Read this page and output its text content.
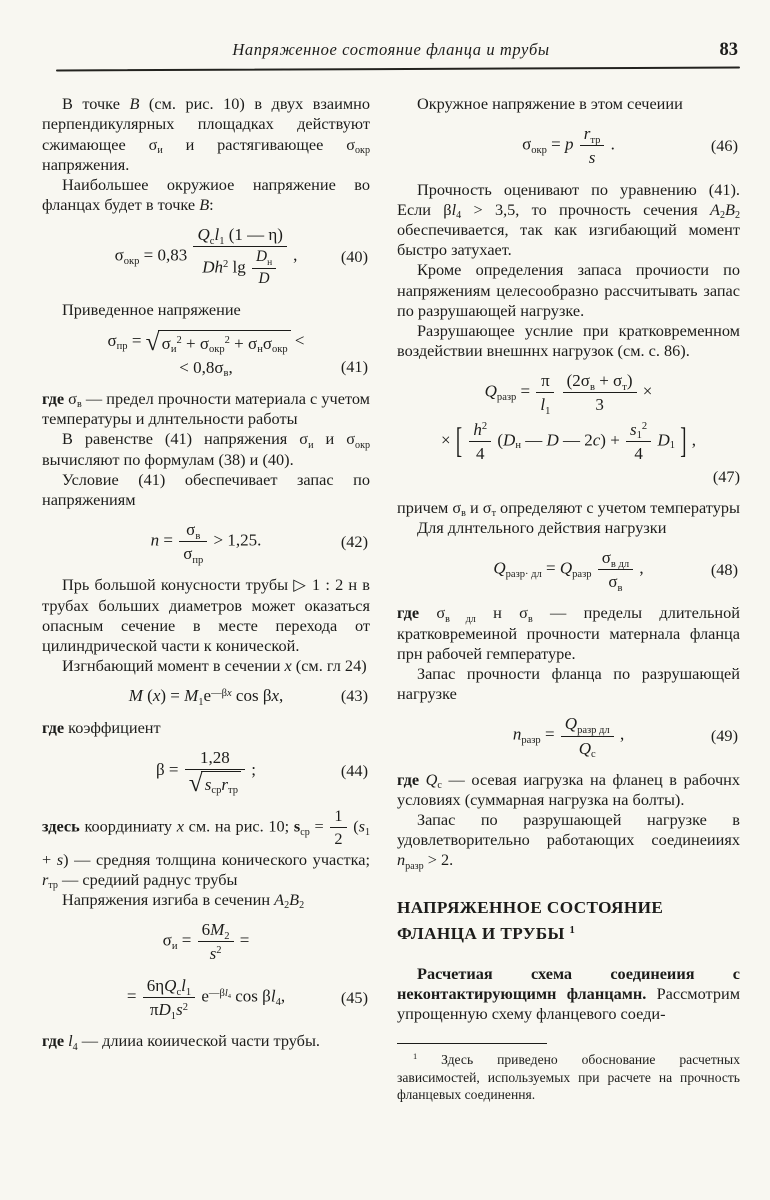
Напряженное состояние фланца и трубы	83

В точке В (см. рис. 10) в двух взаимно перпендикулярных площадках действуют сжимающее $\sigma_и$ и растягивающее $\sigma_{окр}$ напряжения.

Наибольшее окружиое напряжение во фланцах будет в точке В:

$\sigma_{окр} = 0,83$
$Q_сl_1$ (1 — η)
Dh$^2$ lg
$D_н$
D
,	(40)

Приведенное напряжение

$\sigma_{пр}$ = √ $\sigma_и^2 + \sigma_{окр}^2 + \sigma_н\sigma_{окр}$ <
< $0,8\sigma_в$,	(41)

где $\sigma_в$ — предел прочности материала с учетом температуры и длнтельности работы

В равенстве (41) напряжения $\sigma_и$ и $\sigma_{окр}$ вычисляют по формулам (38) и (40).

Условие (41) обеспечивает запас по напряжениям

n =
$\sigma_в$
$\sigma_{пр}$
> 1,25.	(42)

Прь большой конусности трубы ▷ 1 : 2 н в трубах больших диаметров может оказаться опасным сечение в месте перехода от цилиндрической части к конической.

Изгнбающий момент в сечении x (см. гл 24)

M $(x) = M_1e^{—\beta x}$ cos βx,	(43)

где коэффициент

β =
1,28
√ $s_{ср}r_{тр}$
;	(44)

здесь координиату x см. на рис. 10; $s_{ср} = \frac{1}{2} (s_1 + s)$ — средняя толщина конического участка; $r_{тр}$ — средиий раднус трубы

Напряжения изгиба в сеченин $A_2B_2$

$\sigma_и = \frac{6M_2}{s^2}$ =
=
$6\eta Q_сl_1$
$\pi D_1s^2$
$e^{—\beta l_4}$ $\cos \beta l_4$,	(45)

где $l_4$ — длииа коиической части трубы.

Окружное напряжение в этом сечеиии

$\sigma_{окр} = p$
$r_{тр}$
s
.	(46)

Прочность оценивают по уравнению (41). Если $\beta l_4 > 3,5$, то прочность сечения $A_2B_2$ обеспечивается, так как изгибающий момент быстро затухает.

Кроме определения запаса прочиости по напряжениям целесообразно рассчитывать запас по разрушающей нагрузке.

Разрушающее уснлие при кратковременном воздействии внешннх нагрузок (см. с. 86).

$Q_{разр} = \frac{\pi}{l_1}$
$(2\sigma_в + \sigma_т)$
3
×
× [ $\frac{h^2}{4} (D_н$ — D — $2c) + \frac{s_1^2}{4} D_1$ ] ,
(47)

причем $\sigma_в$ и $\sigma_т$ определяют с учетом температуры

Для длнтельного действия нагрузки

$Q_{разр\cdot дл} = Q_{разр}$
$\sigma_{в дл}$
$\sigma_в$
,	(48)

где $\sigma_{в дл}$ н $\sigma_в$ — пределы длительной кратковремеиной прочности матернала фланца прн рабочей гемпературе.

Запас прочности фланца по разрушающей нагрузке

$n_{разр}$ =
$Q_{разр дл}$
$Q_с$
,	(49)

где $Q_с$ — осевая иагрузка на фланец в рабочнх условиях (суммарная нагрузка на болты).

Запас по разрушающей нагрузке в удовлетворительно работающих соединеииях $n_{разр} > 2$.

НАПРЯЖЕННОЕ СОСТОЯНИЕ ФЛАНЦА И ТРУБЫ $^1$

Расчетиая схема соединеиия с неконтактирующимн фланцамн. Рассмотрим упрощенную схему фланцевого соеди-

$^1$ Здесь приведено обоснование расчетных зависимостей, используемых при расчете на прочность фланцевых соединення.
